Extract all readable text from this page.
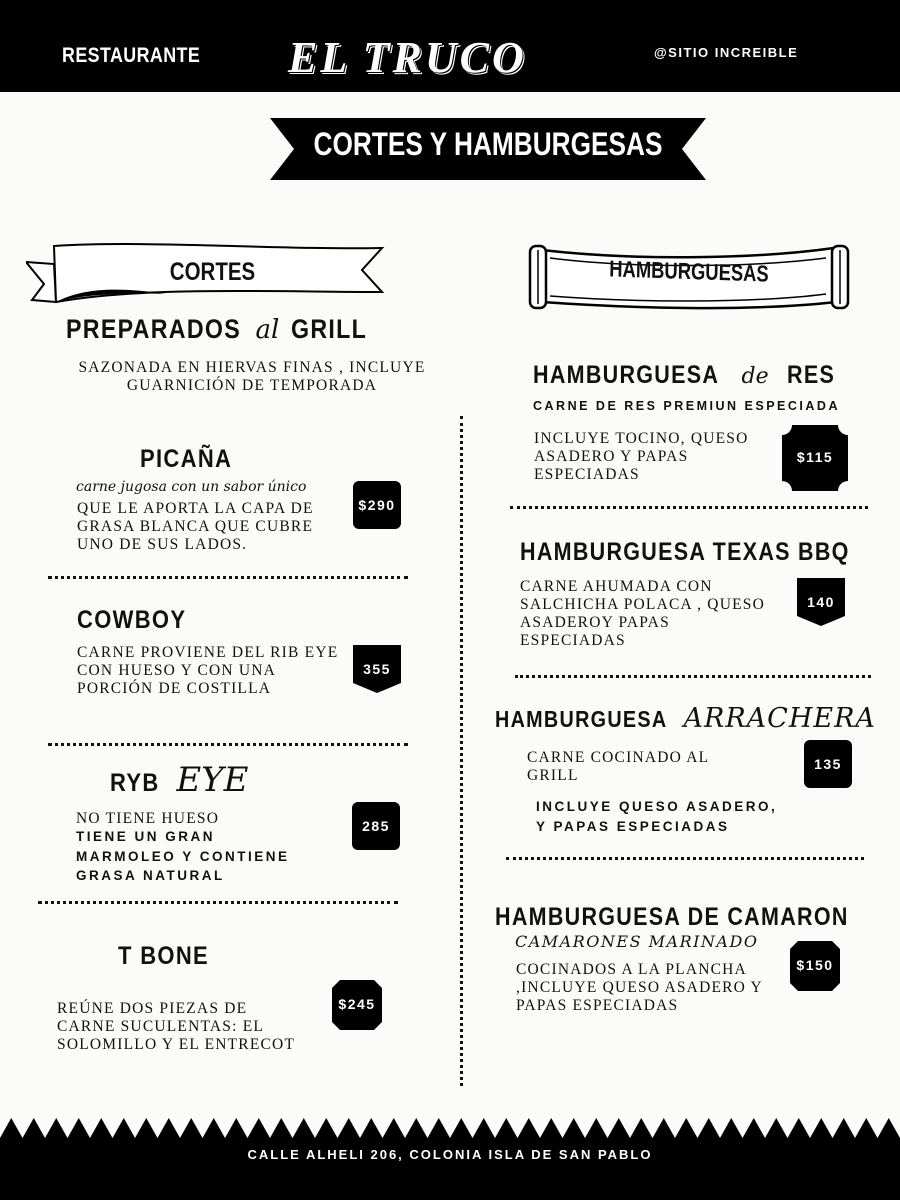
RESTAURANTE EL TRUCO	@SITIO INCREIBLE
CORTES Y HAMBURGESAS
CORTES	HAMBURGUESAS
PREPARADOS al GRILL
SAZONADA EN HIERVAS FINAS , INCLUYE
GUARNICIÓN DE TEMPORADA
PICAÑA
carne jugosa con un sabor único
QUE LE APORTA LA CAPA DE
GRASA BLANCA QUE CUBRE
UNO DE SUS LADOS.
$290
COWBOY
CARNE PROVIENE DEL RIB EYE
CON HUESO Y CON UNA
PORCIÓN DE COSTILLA
355
RYB EYE
NO TIENE HUESO
TIENE UN GRAN
MARMOLEO Y CONTIENE
GRASA NATURAL
285
T BONE
REÚNE DOS PIEZAS DE
CARNE SUCULENTAS: EL
SOLOMILLO Y EL ENTRECOT
$245
HAMBURGUESA de RES
CARNE DE RES PREMIUN ESPECIADA
INCLUYE TOCINO, QUESO
ASADERO Y PAPAS
ESPECIADAS
$115
HAMBURGUESA TEXAS BBQ
CARNE AHUMADA CON
SALCHICHA POLACA , QUESO
ASADEROY PAPAS
ESPECIADAS
140
HAMBURGUESA ARRACHERA
CARNE COCINADO AL
GRILL
INCLUYE QUESO ASADERO,
Y PAPAS ESPECIADAS
135
HAMBURGUESA DE CAMARON
CAMARONES MARINADO
COCINADOS A LA PLANCHA
,INCLUYE QUESO ASADERO Y
PAPAS ESPECIADAS
$150
CALLE ALHELI 206, COLONIA ISLA DE SAN PABLO
